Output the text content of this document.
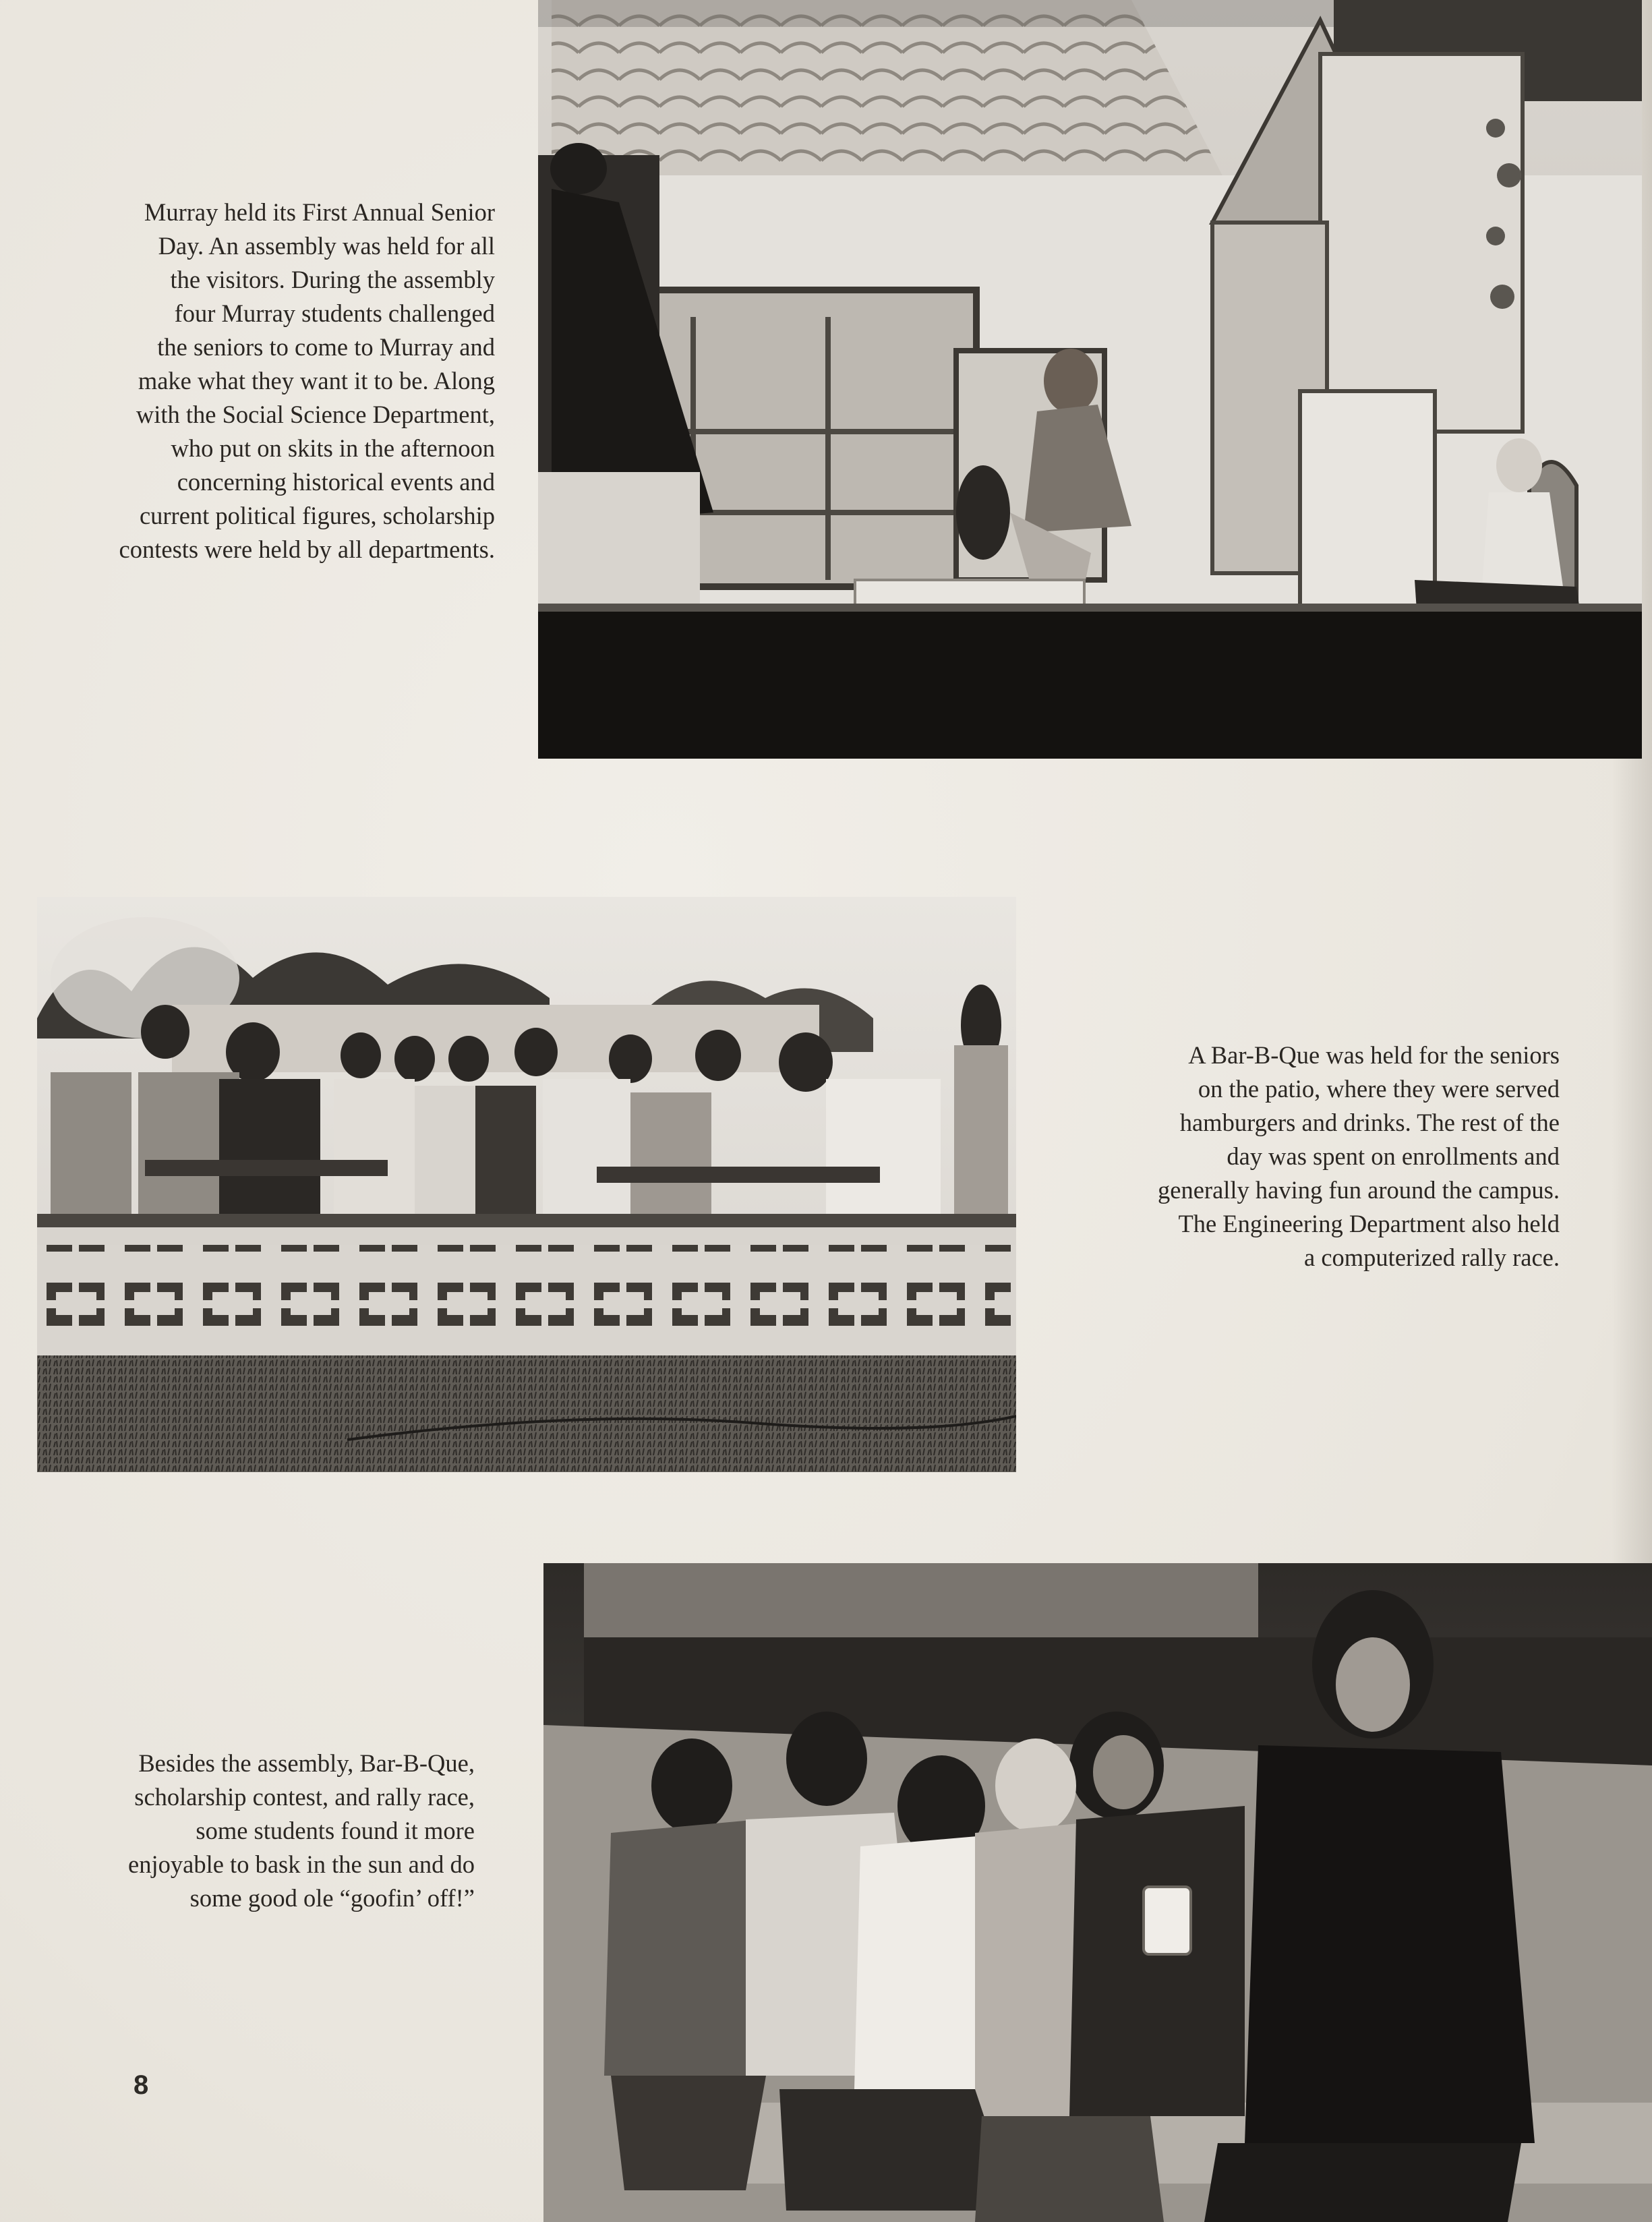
Murray held its First Annual Senior

Day. An assembly was held for all

the visitors. During the assembly

four Murray students challenged

the seniors to come to Murray and

make what they want it to be. Along

with the Social Science Department,

who put on skits in the afternoon

concerning historical events and

current political figures, scholarship

contests were held by all departments.

A Bar-B-Que was held for the seniors

on the patio, where they were served

hamburgers and drinks. The rest of the

day was spent on enrollments and

generally having fun around the campus.

The Engineering Department also held

a computerized rally race.

Besides the assembly, Bar-B-Que,

scholarship contest, and rally race,

some students found it more

enjoyable to bask in the sun and do

some good ole “goofin’ off!”

8
